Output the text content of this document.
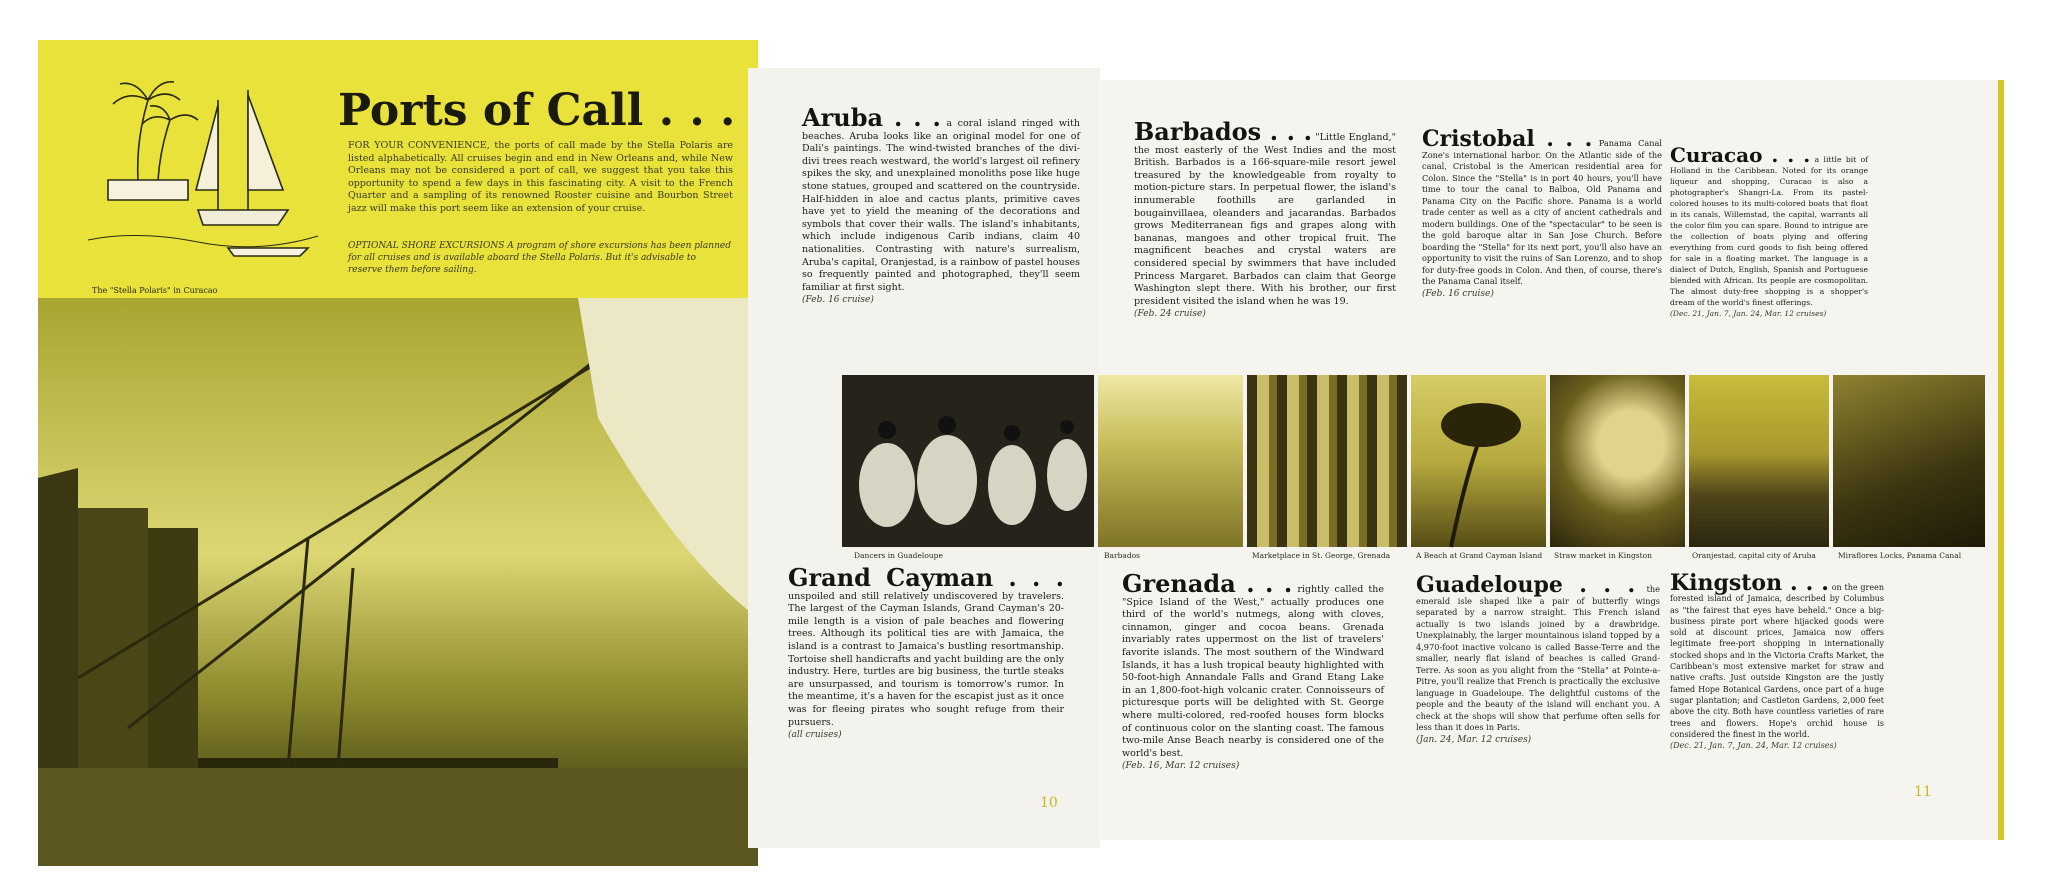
Ports of Call . . .
FOR YOUR CONVENIENCE, the ports of call made by the Stella Polaris are listed alphabetically. All cruises begin and end in New Orleans and, while New Orleans may not be considered a port of call, we suggest that you take this opportunity to spend a few days in this fascinating city. A visit to the French Quarter and a sampling of its renowned Rooster cuisine and Bourbon Street jazz will make this port seem like an extension of your cruise.
OPTIONAL SHORE EXCURSIONS A program of shore excursions has been planned for all cruises and is available aboard the Stella Polaris. But it's advisable to reserve them before sailing.
The "Stella Polaris" in Curacao
10
11
Aruba . . . a coral island ringed with beaches. Aruba looks like an original model for one of Dali's paintings. The wind-twisted branches of the divi-divi trees reach westward, the world's largest oil refinery spikes the sky, and unexplained monoliths pose like huge stone statues, grouped and scattered on the countryside. Half-hidden in aloe and cactus plants, primitive caves have yet to yield the meaning of the decorations and symbols that cover their walls. The island's inhabitants, which include indigenous Carib indians, claim 40 nationalities. Contrasting with nature's surrealism, Aruba's capital, Oranjestad, is a rainbow of pastel houses so frequently painted and photographed, they'll seem familiar at first sight.
(Feb. 16 cruise)
Barbados . . . "Little England," the most easterly of the West Indies and the most British. Barbados is a 166-square-mile resort jewel treasured by the knowledgeable from royalty to motion-picture stars. In perpetual flower, the island's innumerable foothills are garlanded in bougainvillaea, oleanders and jacarandas. Barbados grows Mediterranean figs and grapes along with bananas, mangoes and other tropical fruit. The magnificent beaches and crystal waters are considered special by swimmers that have included Princess Margaret. Barbados can claim that George Washington slept there. With his brother, our first president visited the island when he was 19.
(Feb. 24 cruise)
Cristobal . . . Panama Canal Zone's international harbor. On the Atlantic side of the canal, Cristobal is the American residential area for Colon. Since the "Stella" is in port 40 hours, you'll have time to tour the canal to Balboa, Old Panama and Panama City on the Pacific shore. Panama is a world trade center as well as a city of ancient cathedrals and modern buildings. One of the "spectacular" to be seen is the gold baroque altar in San Jose Church. Before boarding the "Stella" for its next port, you'll also have an opportunity to visit the ruins of San Lorenzo, and to shop for duty-free goods in Colon. And then, of course, there's the Panama Canal itself.
(Feb. 16 cruise)
Curacao . . . a little bit of Holland in the Caribbean. Noted for its orange liqueur and shopping, Curacao is also a photographer's Shangri-La. From its pastel-colored houses to its multi-colored boats that float in its canals, Willemstad, the capital, warrants all the color film you can spare. Bound to intrigue are the collection of boats plying and offering everything from curd goods to fish being offered for sale in a floating market. The language is a dialect of Dutch, English, Spanish and Portuguese blended with African. Its people are cosmopolitan. The almost duty-free shopping is a shopper's dream of the world's finest offerings.
(Dec. 21, Jan. 7, Jan. 24, Mar. 12 cruises)
Dancers in Guadeloupe	Barbados	Marketplace in St. George, Grenada	A Beach at Grand Cayman Island Straw market in Kingston	Oranjestad, capital city of Aruba	Miraflores Locks, Panama Canal
Grand Cayman . . . unspoiled and still relatively undiscovered by travelers. The largest of the Cayman Islands, Grand Cayman's 20-mile length is a vision of pale beaches and flowering trees. Although its political ties are with Jamaica, the island is a contrast to Jamaica's bustling resortmanship. Tortoise shell handicrafts and yacht building are the only industry. Here, turtles are big business, the turtle steaks are unsurpassed, and tourism is tomorrow's rumor. In the meantime, it's a haven for the escapist just as it once was for fleeing pirates who sought refuge from their pursuers.
(all cruises)
Grenada . . . rightly called the "Spice Island of the West," actually produces one third of the world's nutmegs, along with cloves, cinnamon, ginger and cocoa beans. Grenada invariably rates uppermost on the list of travelers' favorite islands. The most southern of the Windward Islands, it has a lush tropical beauty highlighted with 50-foot-high Annandale Falls and Grand Etang Lake in an 1,800-foot-high volcanic crater. Connoisseurs of picturesque ports will be delighted with St. George where multi-colored, red-roofed houses form blocks of continuous color on the slanting coast. The famous two-mile Anse Beach nearby is considered one of the world's best.
(Feb. 16, Mar. 12 cruises)
Guadeloupe . . . the emerald isle shaped like a pair of butterfly wings separated by a narrow straight. This French island actually is two islands joined by a drawbridge. Unexplainably, the larger mountainous island topped by a 4,970-foot inactive volcano is called Basse-Terre and the smaller, nearly flat island of beaches is called Grand-Terre. As soon as you alight from the "Stella" at Pointe-a-Pitre, you'll realize that French is practically the exclusive language in Guadeloupe. The delightful customs of the people and the beauty of the island will enchant you. A check at the shops will show that perfume often sells for less than it does in Paris.
(Jan. 24, Mar. 12 cruises)
Kingston . . . on the green forested island of Jamaica, described by Columbus as "the fairest that eyes have beheld." Once a big-business pirate port where hijacked goods were sold at discount prices, Jamaica now offers legitimate free-port shopping in internationally stocked shops and in the Victoria Crafts Market, the Caribbean's most extensive market for straw and native crafts. Just outside Kingston are the justly famed Hope Botanical Gardens, once part of a huge sugar plantation; and Castleton Gardens, 2,000 feet above the city. Both have countless varieties of rare trees and flowers. Hope's orchid house is considered the finest in the world.
(Dec. 21, Jan. 7, Jan. 24, Mar. 12 cruises)
